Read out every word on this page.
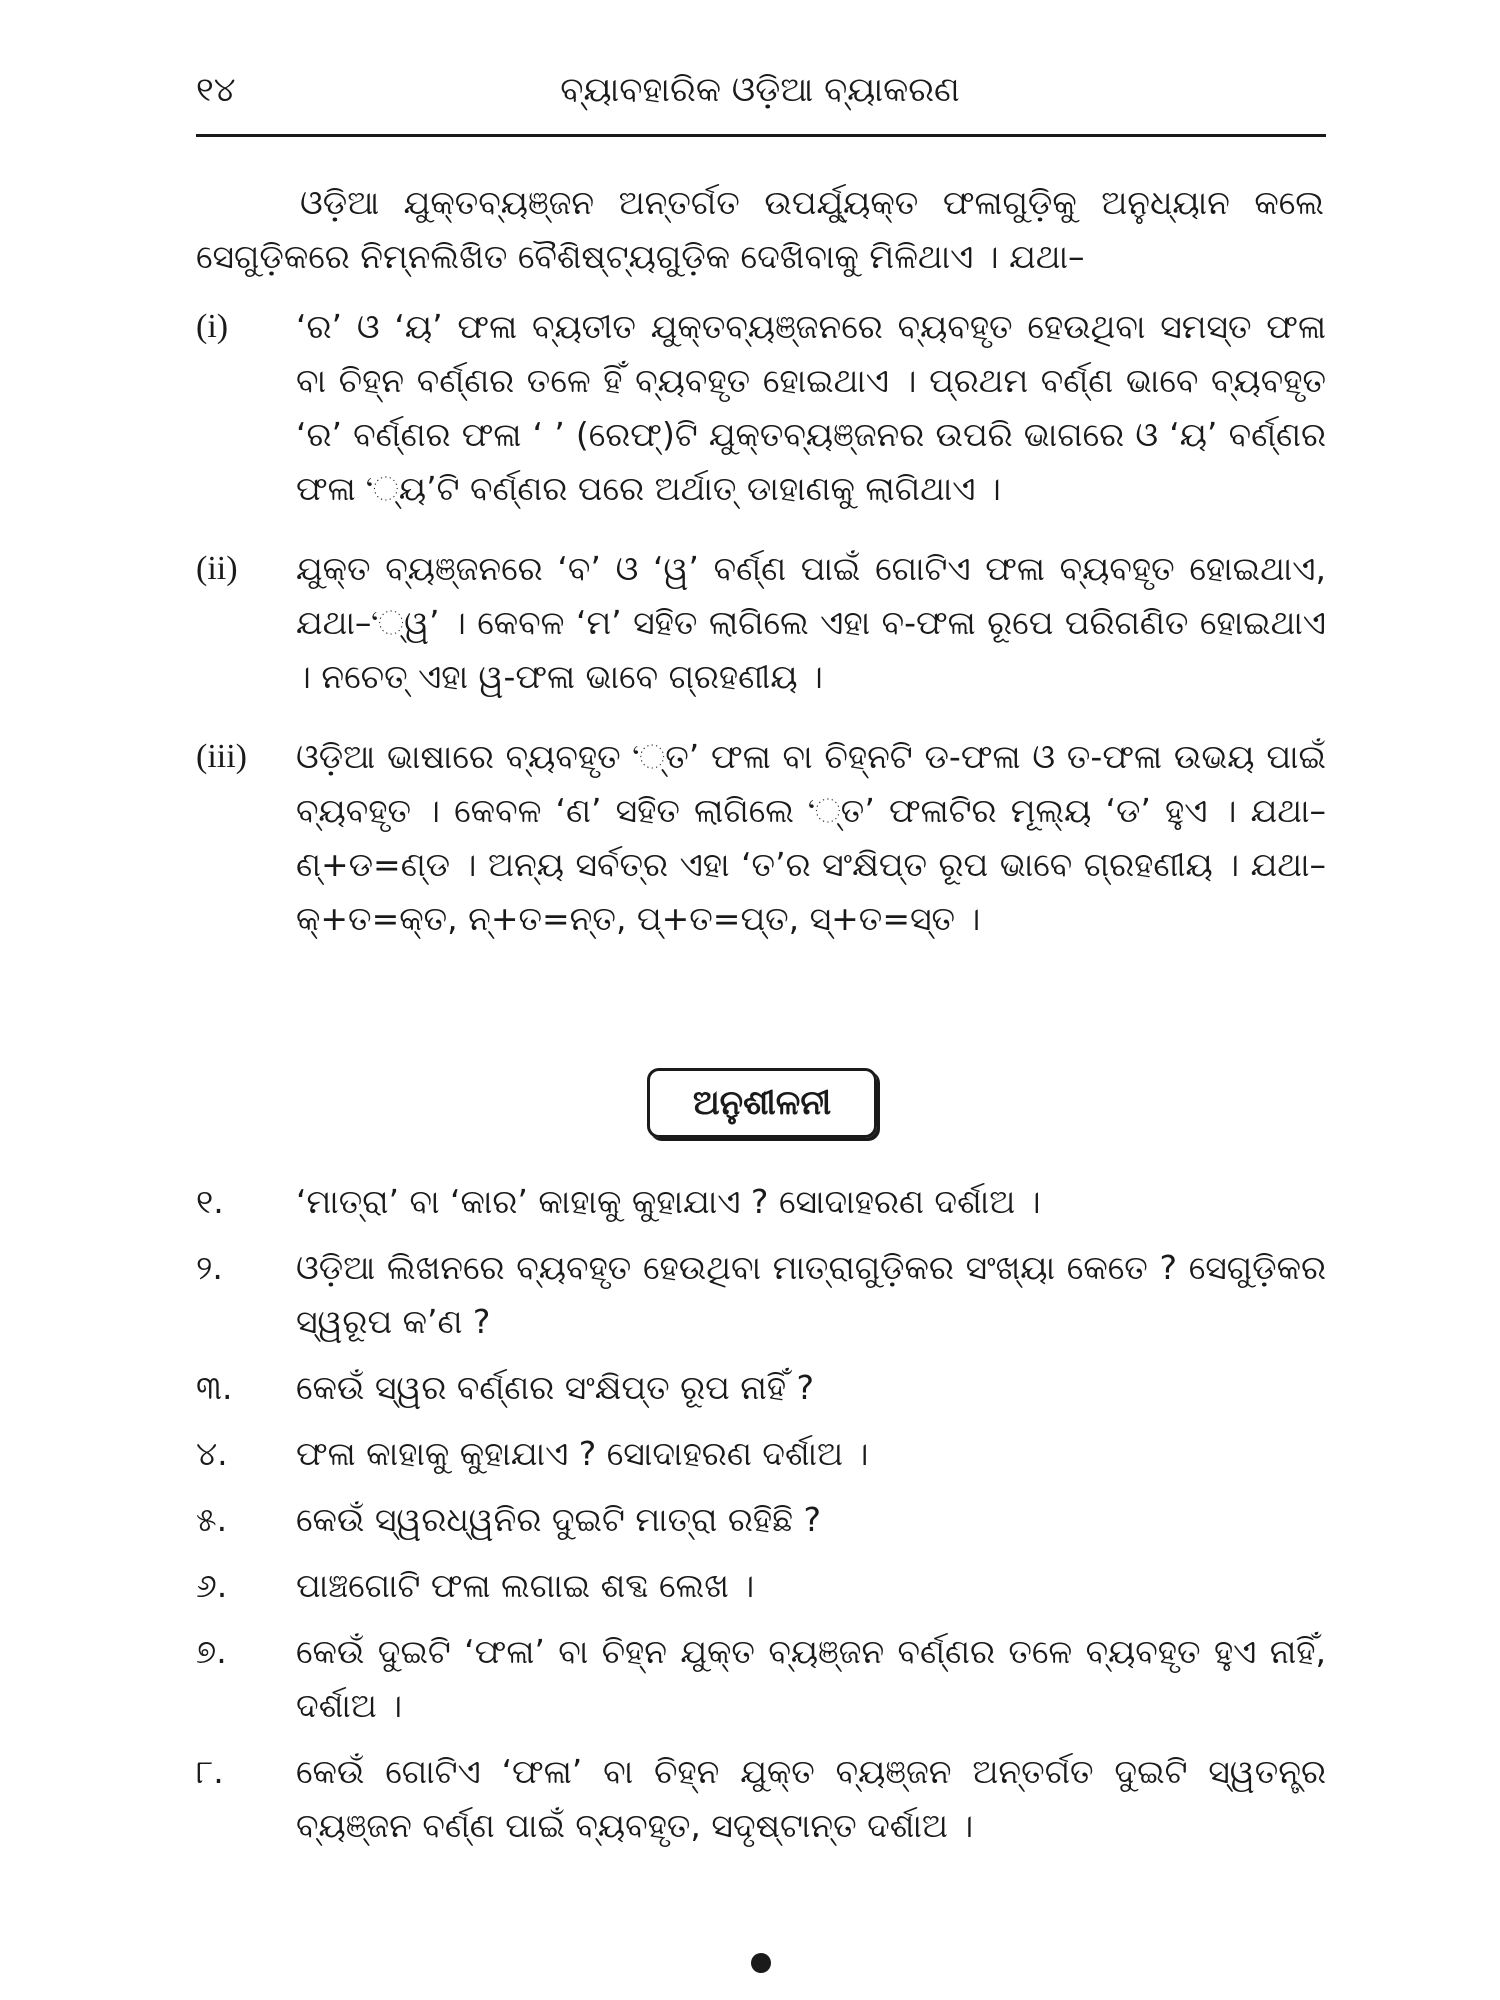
୧୪	ବ୍ୟାବହାରିକ ଓଡ଼ିଆ ବ୍ୟାକରଣ

ଓଡ଼ିଆ ଯୁକ୍ତବ୍ୟଞ୍ଜନ ଅନ୍ତର୍ଗତ ଉପର୍ଯ୍ୟୁକ୍ତ ଫଳାଗୁଡ଼ିକୁ ଅନୁଧ୍ୟାନ କଲେ ସେଗୁଡ଼ିକରେ ନିମ୍ନଲିଖିତ ବୈଶିଷ୍ଟ୍ୟଗୁଡ଼ିକ ଦେଖିବାକୁ ମିଳିଥାଏ । ଯଥା–

(i) ‘ର’ ଓ ‘ୟ’ ଫଳା ବ୍ୟତୀତ ଯୁକ୍ତବ୍ୟଞ୍ଜନରେ ବ୍ୟବହୃତ ହେଉଥିବା ସମସ୍ତ ଫଳା ବା ଚିହ୍ନ ବର୍ଣ୍ଣର ତଳେ ହିଁ ବ୍ୟବହୃତ ହୋଇଥାଏ । ପ୍ରଥମ ବର୍ଣ୍ଣ ଭାବେ ବ୍ୟବହୃତ ‘ର’ ବର୍ଣ୍ଣର ଫଳା ‘ ’ (ରେଫ୍)ଟି ଯୁକ୍ତବ୍ୟଞ୍ଜନର ଉପରି ଭାଗରେ ଓ ‘ୟ’ ବର୍ଣ୍ଣର ଫଳା ‘୍ୟ’ଟି ବର୍ଣ୍ଣର ପରେ ଅର୍ଥାତ୍ ଡାହାଣକୁ ଲାଗିଥାଏ ।
(ii) ଯୁକ୍ତ ବ୍ୟଞ୍ଜନରେ ‘ବ’ ଓ ‘ୱ’ ବର୍ଣ୍ଣ ପାଇଁ ଗୋଟିଏ ଫଳା ବ୍ୟବହୃତ ହୋଇଥାଏ, ଯଥା–‘୍ୱ’ । କେବଳ ‘ମ’ ସହିତ ଲାଗିଲେ ଏହା ବ-ଫଳା ରୂପେ ପରିଗଣିତ ହୋଇଥାଏ । ନଚେତ୍ ଏହା ୱ-ଫଳା ଭାବେ ଗ୍ରହଣୀୟ ।
(iii) ଓଡ଼ିଆ ଭାଷାରେ ବ୍ୟବହୃତ ‘୍ତ’ ଫଳା ବା ଚିହ୍ନଟି ଡ-ଫଳା ଓ ତ-ଫଳା ଉଭୟ ପାଇଁ ବ୍ୟବହୃତ । କେବଳ ‘ଣ’ ସହିତ ଲାଗିଲେ ‘୍ତ’ ଫଳାଟିର ମୂଲ୍ୟ ‘ଡ’ ହୁଏ । ଯଥା–ଣ୍+ଡ=ଣ୍ଡ । ଅନ୍ୟ ସର୍ବତ୍ର ଏହା ‘ତ’ର ସଂକ୍ଷିପ୍ତ ରୂପ ଭାବେ ଗ୍ରହଣୀୟ । ଯଥା–କ୍+ତ=କ୍ତ, ନ୍+ତ=ନ୍ତ, ପ୍+ତ=ପ୍ତ, ସ୍+ତ=ସ୍ତ ।
ଅନୁଶୀଳନୀ
୧. ‘ମାତ୍ରା’ ବା ‘କାର’ କାହାକୁ କୁହାଯାଏ ? ସୋଦାହରଣ ଦର୍ଶାଅ ।
୨. ଓଡ଼ିଆ ଲିଖନରେ ବ୍ୟବହୃତ ହେଉଥିବା ମାତ୍ରାଗୁଡ଼ିକର ସଂଖ୍ୟା କେତେ ? ସେଗୁଡ଼ିକର ସ୍ୱରୂପ କ’ଣ ?
୩. କେଉଁ ସ୍ୱର ବର୍ଣ୍ଣର ସଂକ୍ଷିପ୍ତ ରୂପ ନାହିଁ ?
୪. ଫଳା କାହାକୁ କୁହାଯାଏ ? ସୋଦାହରଣ ଦର୍ଶାଅ ।
୫. କେଉଁ ସ୍ୱରଧ୍ୱନିର ଦୁଇଟି ମାତ୍ରା ରହିଛି ?
୬. ପାଞ୍ଚଗୋଟି ଫଳା ଲଗାଇ ଶବ୍ଦ ଲେଖ ।
୭. କେଉଁ ଦୁଇଟି ‘ଫଳା’ ବା ଚିହ୍ନ ଯୁକ୍ତ ବ୍ୟଞ୍ଜନ ବର୍ଣ୍ଣର ତଳେ ବ୍ୟବହୃତ ହୁଏ ନାହିଁ, ଦର୍ଶାଅ ।
୮. କେଉଁ ଗୋଟିଏ ‘ଫଳା’ ବା ଚିହ୍ନ ଯୁକ୍ତ ବ୍ୟଞ୍ଜନ ଅନ୍ତର୍ଗତ ଦୁଇଟି ସ୍ୱତନ୍ତ୍ର ବ୍ୟଞ୍ଜନ ବର୍ଣ୍ଣ ପାଇଁ ବ୍ୟବହୃତ, ସଦୃଷ୍ଟାନ୍ତ ଦର୍ଶାଅ ।
